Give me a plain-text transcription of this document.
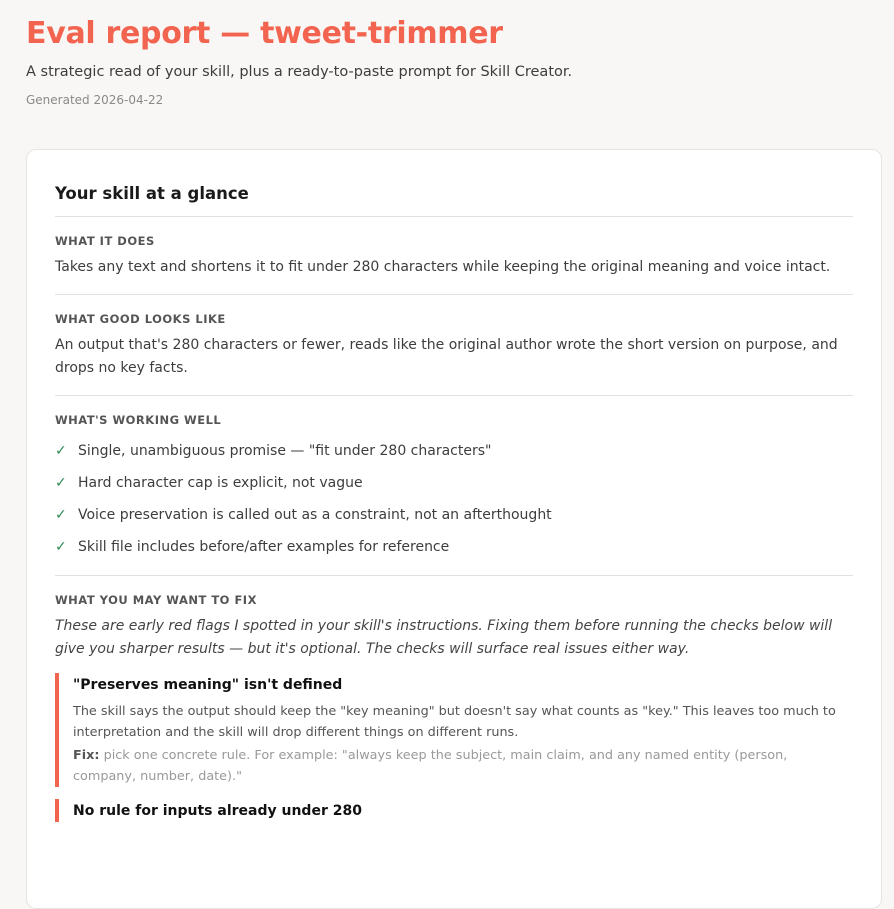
Eval report — tweet-trimmer
A strategic read of your skill, plus a ready-to-paste prompt for Skill Creator.
Generated 2026-04-22
Your skill at a glance
WHAT IT DOES
Takes any text and shortens it to fit under 280 characters while keeping the original meaning and voice intact.
WHAT GOOD LOOKS LIKE
An output that's 280 characters or fewer, reads like the original author wrote the short version on purpose, and drops no key facts.
WHAT'S WORKING WELL
✓ Single, unambiguous promise — "fit under 280 characters"
✓ Hard character cap is explicit, not vague
✓ Voice preservation is called out as a constraint, not an afterthought
✓ Skill file includes before/after examples for reference
WHAT YOU MAY WANT TO FIX
These are early red flags I spotted in your skill's instructions. Fixing them before running the checks below will give you sharper results — but it's optional. The checks will surface real issues either way.
"Preserves meaning" isn't defined
The skill says the output should keep the "key meaning" but doesn't say what counts as "key." This leaves too much to interpretation and the skill will drop different things on different runs.
Fix: pick one concrete rule. For example: "always keep the subject, main claim, and any named entity (person, company, number, date)."
No rule for inputs already under 280
